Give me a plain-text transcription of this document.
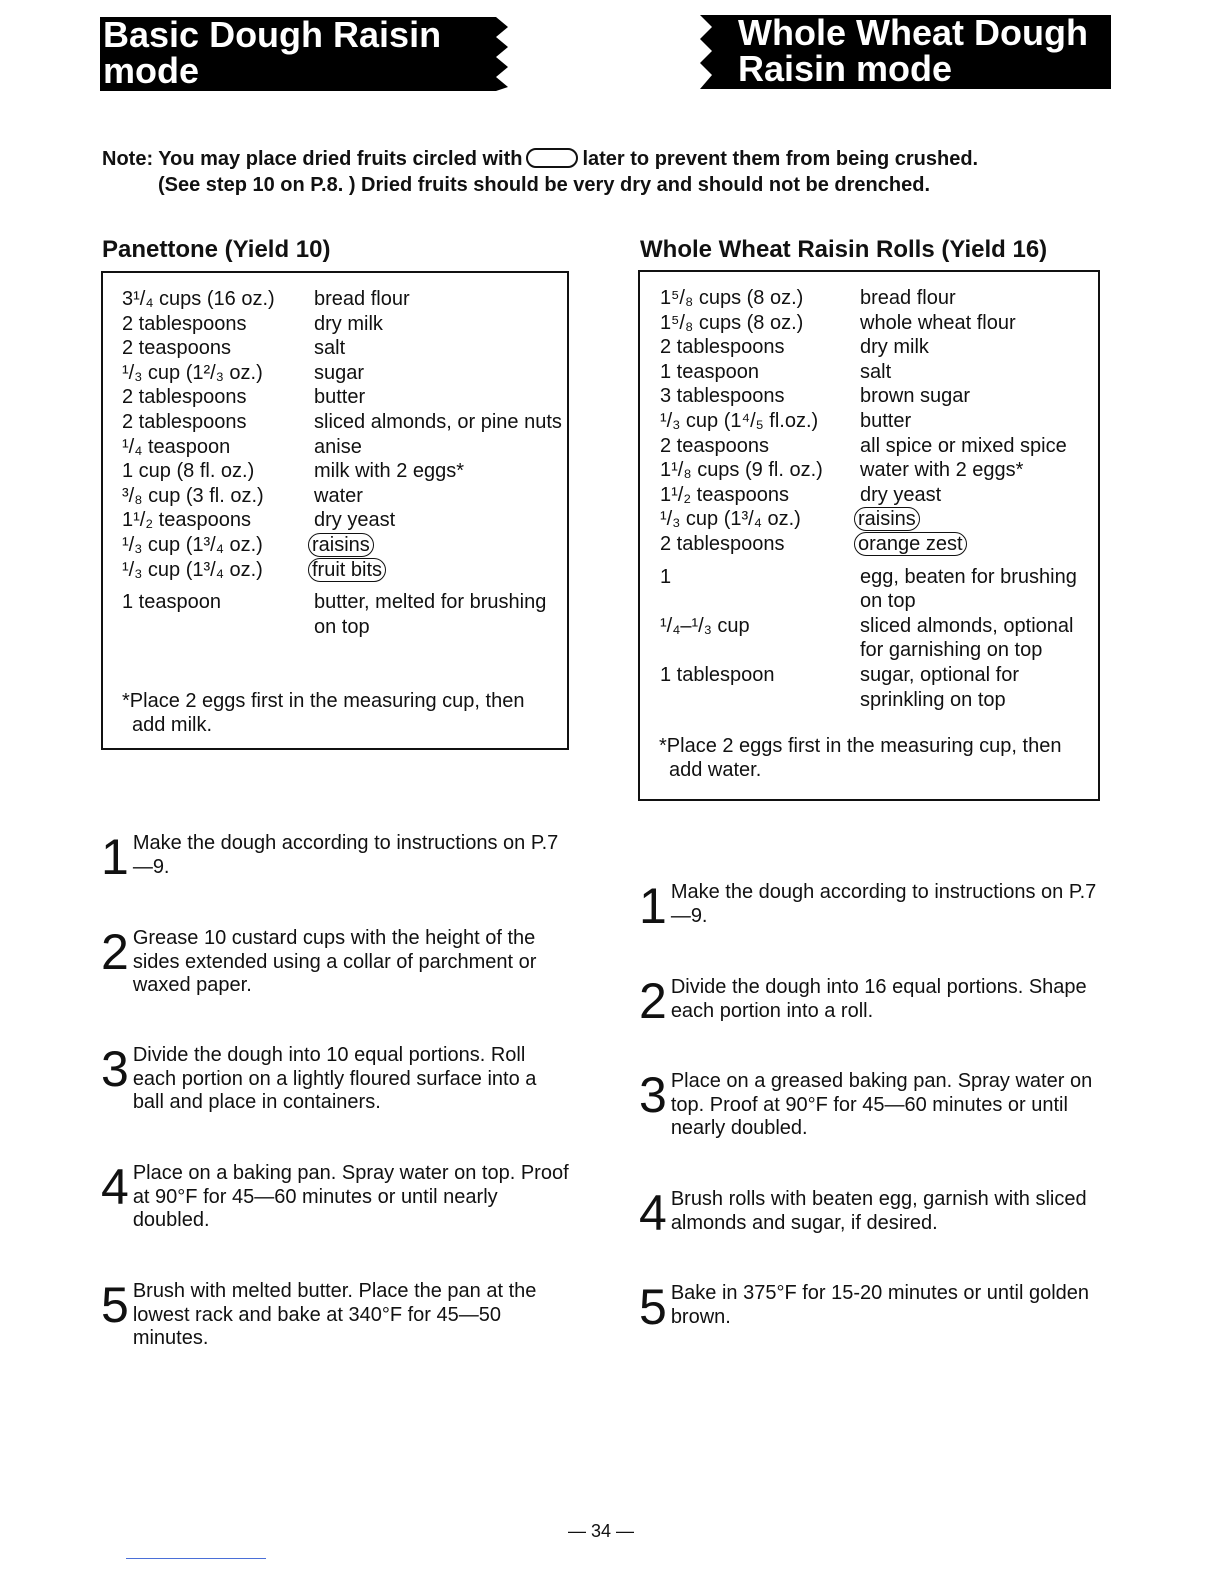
Basic Dough Raisin
mode
Whole Wheat Dough
Raisin mode
Note: You may place dried fruits circled with	later to prevent them from being crushed.
(See step 10 on P.8. ) Dried fruits should be very dry and should not be drenched.
Panettone (Yield 10)	Whole Wheat Raisin Rolls (Yield 16)
3¹/₄ cups (16 oz.)	bread flour
2 tablespoons	dry milk
2 teaspoons	salt
¹/₃ cup (1²/₃ oz.)	sugar
2 tablespoons	butter
2 tablespoons	sliced almonds, or pine nuts
¹/₄ teaspoon	anise
1 cup (8 fl. oz.)	milk with 2 eggs*
³/₈ cup (3 fl. oz.)	water
1¹/₂ teaspoons	dry yeast
¹/₃ cup (1³/₄ oz.)	raisins
¹/₃ cup (1³/₄ oz.)	fruit bits
1 teaspoon	butter, melted for brushing on top
*Place 2 eggs first in the measuring cup, then
add milk.
1⁵/₈ cups (8 oz.)	bread flour
1⁵/₈ cups (8 oz.)	whole wheat flour
2 tablespoons	dry milk
1 teaspoon	salt
3 tablespoons	brown sugar
¹/₃ cup (1⁴/₅ fl.oz.)	butter
2 teaspoons	all spice or mixed spice
1¹/₈ cups (9 fl. oz.)	water with 2 eggs*
1¹/₂ teaspoons	dry yeast
¹/₃ cup (1³/₄ oz.)	raisins
2 tablespoons	orange zest
1	egg, beaten for brushing on top
¹/₄–¹/₃ cup	sliced almonds, optional for garnishing on top
1 tablespoon	sugar, optional for sprinkling on top
*Place 2 eggs first in the measuring cup, then
add water.
1 Make the dough according to instructions on P.7—9.
2 Grease 10 custard cups with the height of the sides extended using a collar of parchment or waxed paper.
3 Divide the dough into 10 equal portions. Roll each portion on a lightly floured surface into a ball and place in containers.
4 Place on a baking pan. Spray water on top. Proof at 90°F for 45—60 minutes or until nearly doubled.
5 Brush with melted butter. Place the pan at the lowest rack and bake at 340°F for 45—50 minutes.
1 Make the dough according to instructions on P.7—9.
2 Divide the dough into 16 equal portions. Shape each portion into a roll.
3 Place on a greased baking pan. Spray water on top. Proof at 90°F for 45—60 minutes or until nearly doubled.
4 Brush rolls with beaten egg, garnish with sliced almonds and sugar, if desired.
5 Bake in 375°F for 15-20 minutes or until golden brown.
— 34 —
